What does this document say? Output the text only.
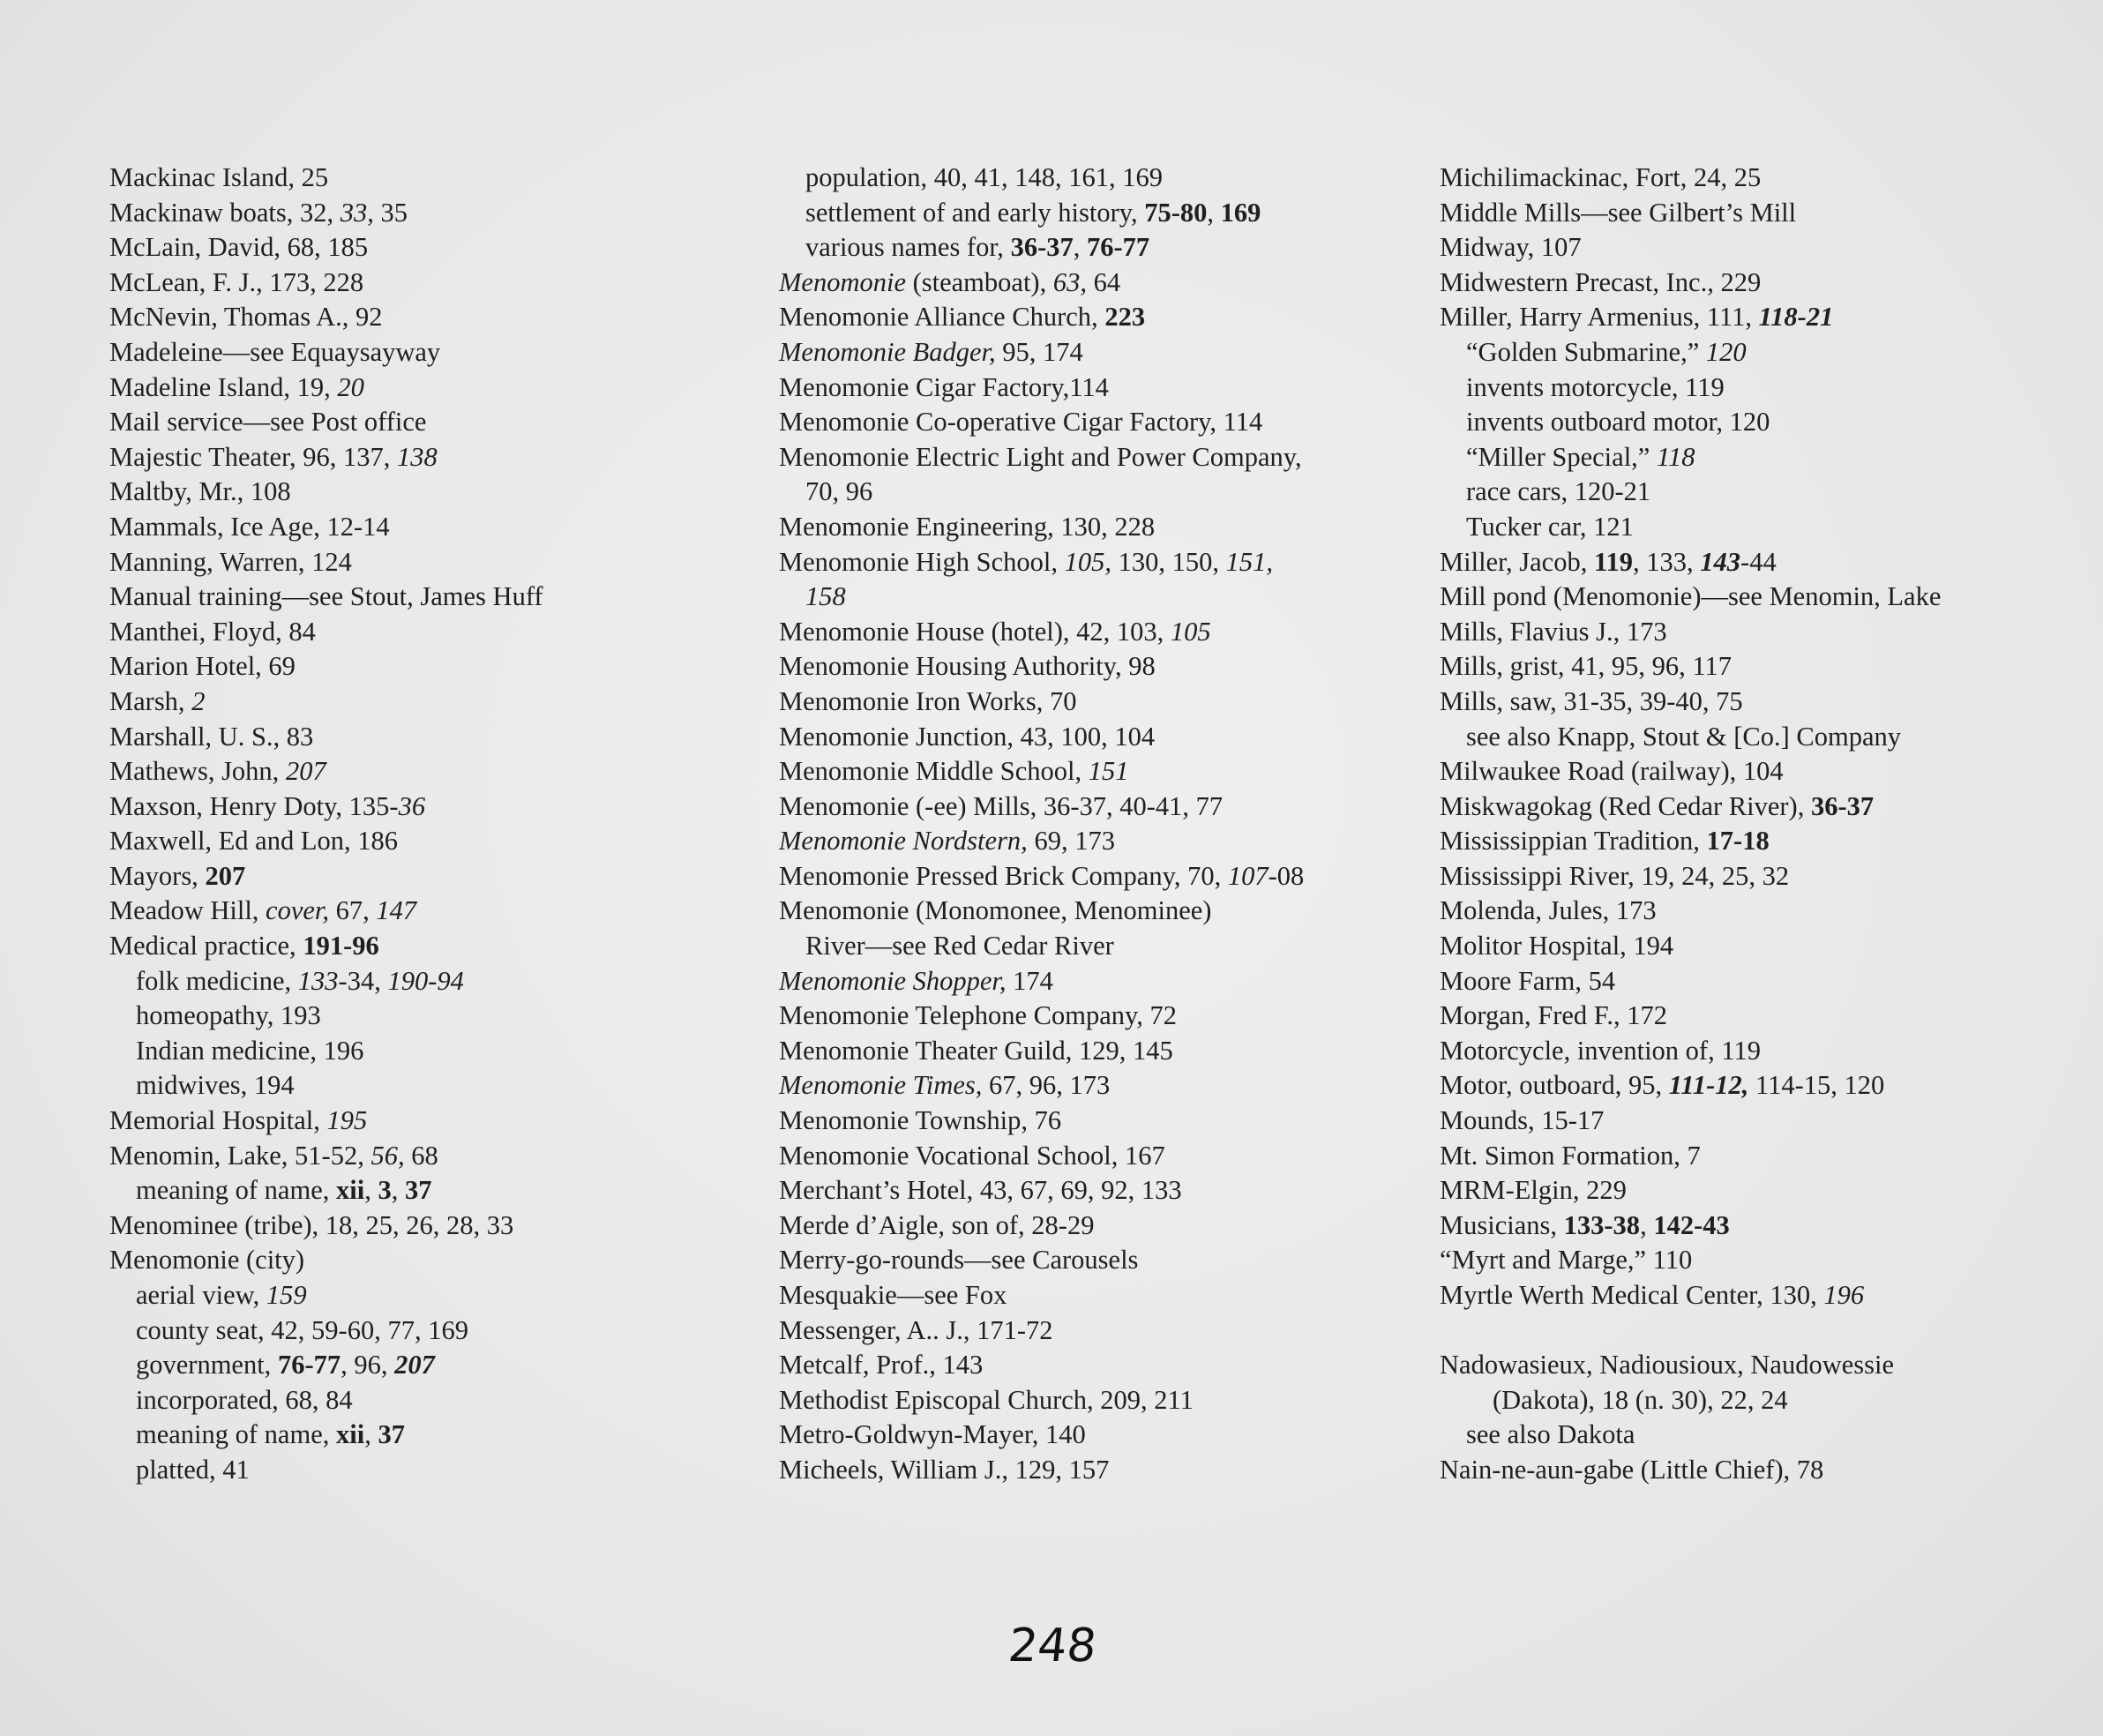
Mackinac Island, 25
Mackinaw boats, 32, 33, 35
McLain, David, 68, 185
McLean, F. J., 173, 228
McNevin, Thomas A., 92
Madeleine—see Equaysayway
Madeline Island, 19, 20
Mail service—see Post office
Majestic Theater, 96, 137, 138
Maltby, Mr., 108
Mammals, Ice Age, 12-14
Manning, Warren, 124
Manual training—see Stout, James Huff
Manthei, Floyd, 84
Marion Hotel, 69
Marsh, 2
Marshall, U. S., 83
Mathews, John, 207
Maxson, Henry Doty, 135-36
Maxwell, Ed and Lon, 186
Mayors, 207
Meadow Hill, cover, 67, 147
Medical practice, 191-96
folk medicine, 133-34, 190-94
homeopathy, 193
Indian medicine, 196
midwives, 194
Memorial Hospital, 195
Menomin, Lake, 51-52, 56, 68
meaning of name, xii, 3, 37
Menominee (tribe), 18, 25, 26, 28, 33
Menomonie (city)
aerial view, 159
county seat, 42, 59-60, 77, 169
government, 76-77, 96, 207
incorporated, 68, 84
meaning of name, xii, 37
platted, 41
population, 40, 41, 148, 161, 169
settlement of and early history, 75-80, 169
various names for, 36-37, 76-77
Menomonie (steamboat), 63, 64
Menomonie Alliance Church, 223
Menomonie Badger, 95, 174
Menomonie Cigar Factory,114
Menomonie Co-operative Cigar Factory, 114
Menomonie Electric Light and Power Company,
70, 96
Menomonie Engineering, 130, 228
Menomonie High School, 105, 130, 150, 151,
158
Menomonie House (hotel), 42, 103, 105
Menomonie Housing Authority, 98
Menomonie Iron Works, 70
Menomonie Junction, 43, 100, 104
Menomonie Middle School, 151
Menomonie (-ee) Mills, 36-37, 40-41, 77
Menomonie Nordstern, 69, 173
Menomonie Pressed Brick Company, 70, 107-08
Menomonie (Monomonee, Menominee)
River—see Red Cedar River
Menomonie Shopper, 174
Menomonie Telephone Company, 72
Menomonie Theater Guild, 129, 145
Menomonie Times, 67, 96, 173
Menomonie Township, 76
Menomonie Vocational School, 167
Merchant’s Hotel, 43, 67, 69, 92, 133
Merde d’Aigle, son of, 28-29
Merry-go-rounds—see Carousels
Mesquakie—see Fox
Messenger, A.. J., 171-72
Metcalf, Prof., 143
Methodist Episcopal Church, 209, 211
Metro-Goldwyn-Mayer, 140
Micheels, William J., 129, 157
Michilimackinac, Fort, 24, 25
Middle Mills—see Gilbert’s Mill
Midway, 107
Midwestern Precast, Inc., 229
Miller, Harry Armenius, 111, 118-21
“Golden Submarine,” 120
invents motorcycle, 119
invents outboard motor, 120
“Miller Special,” 118
race cars, 120-21
Tucker car, 121
Miller, Jacob, 119, 133, 143-44
Mill pond (Menomonie)—see Menomin, Lake
Mills, Flavius J., 173
Mills, grist, 41, 95, 96, 117
Mills, saw, 31-35, 39-40, 75
see also Knapp, Stout & [Co.] Company
Milwaukee Road (railway), 104
Miskwagokag (Red Cedar River), 36-37
Mississippian Tradition, 17-18
Mississippi River, 19, 24, 25, 32
Molenda, Jules, 173
Molitor Hospital, 194
Moore Farm, 54
Morgan, Fred F., 172
Motorcycle, invention of, 119
Motor, outboard, 95, 111-12, 114-15, 120
Mounds, 15-17
Mt. Simon Formation, 7
MRM-Elgin, 229
Musicians, 133-38, 142-43
“Myrt and Marge,” 110
Myrtle Werth Medical Center, 130, 196
Nadowasieux, Nadiousioux, Naudowessie
(Dakota), 18 (n. 30), 22, 24
see also Dakota
Nain-ne-aun-gabe (Little Chief), 78
248
